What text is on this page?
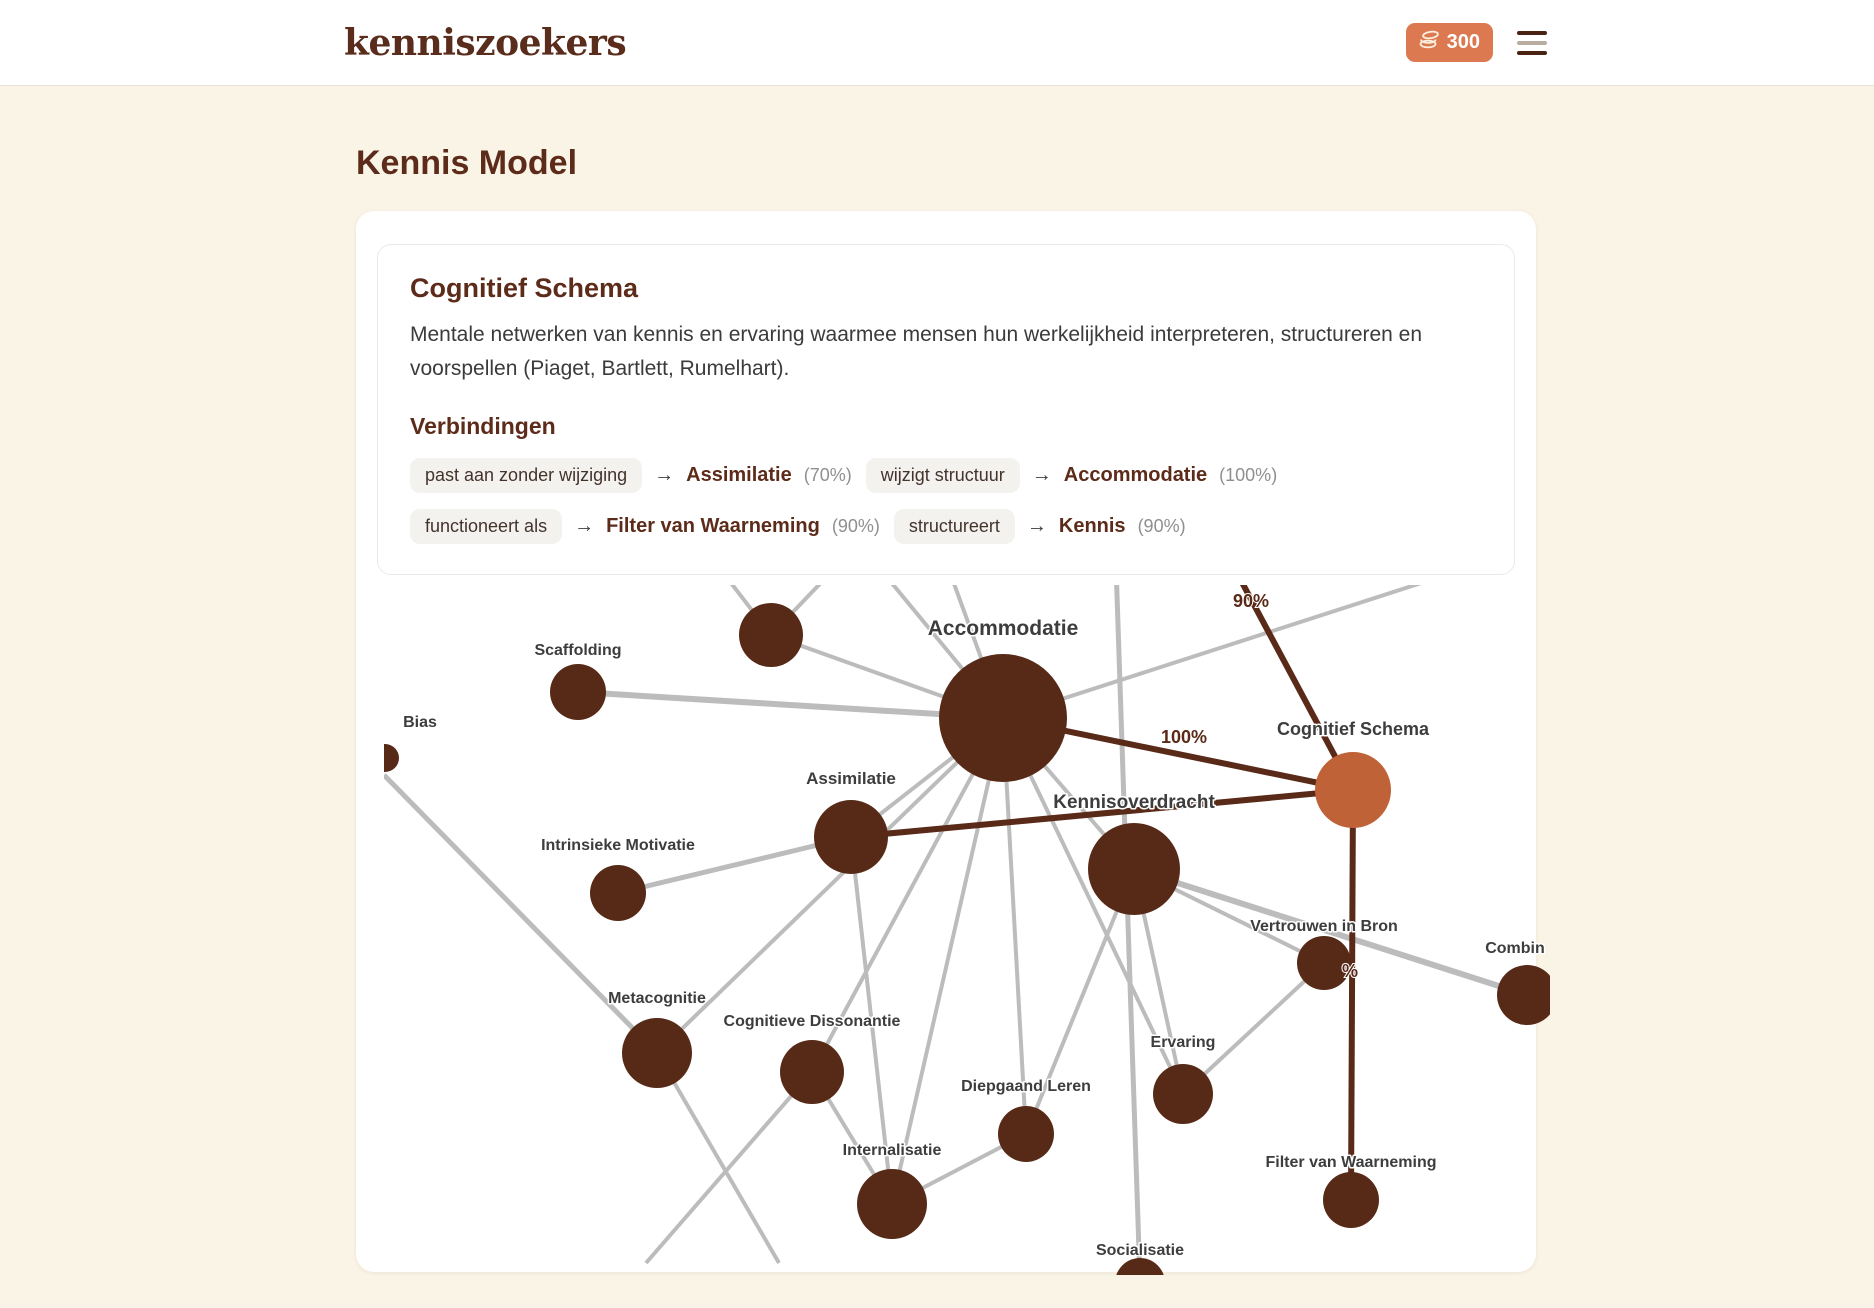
kenniszoekers	300
Kennis Model
Cognitief Schema

Mentale netwerken van kennis en ervaring waarmee mensen hun werkelijkheid interpreteren, structureren en voorspellen (Piaget, Bartlett, Rumelhart).

Verbindingen
past aan zonder wijziging	→ Assimilatie (70%)	wijzigt structuur	→ Accommodatie (100%)
functioneert als	→ Filter van Waarneming (90%)	structureert	→ Kennis (90%)
Scaffolding
Bias
Accommodatie
Assimilatie
Intrinsieke Motivatie
Kennisoverdracht
Cognitief Schema
Vertrouwen in Bron
Combin
Metacognitie
Cognitieve Dissonantie
Ervaring
Diepgaand Leren
Internalisatie
Filter van Waarneming
Socialisatie
90%
100%
%
